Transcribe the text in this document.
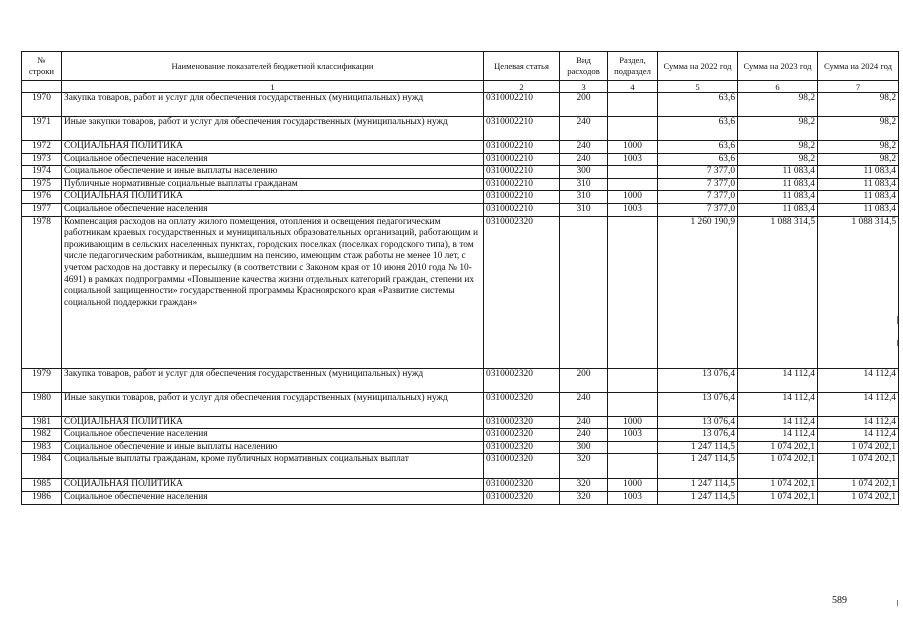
№ строки	Наименование показателей бюджетной классификации	Целевая статья	Вид расходов	Раздел, подраздел	Сумма на 2022 год	Сумма на 2023 год	Сумма на 2024 год
	1	2	3	4	5	6	7
1970	Закупка товаров, работ и услуг для обеспечения государственных (муниципальных) нужд	0310002210	200		63,6	98,2	98,2
1971	Иные закупки товаров, работ и услуг для обеспечения государственных (муниципальных) нужд	0310002210	240		63,6	98,2	98,2
1972	СОЦИАЛЬНАЯ ПОЛИТИКА	0310002210	240	1000	63,6	98,2	98,2
1973	Социальное обеспечение населения	0310002210	240	1003	63,6	98,2	98,2
1974	Социальное обеспечение и иные выплаты населению	0310002210	300		7 377,0	11 083,4	11 083,4
1975	Публичные нормативные социальные выплаты гражданам	0310002210	310		7 377,0	11 083,4	11 083,4
1976	СОЦИАЛЬНАЯ ПОЛИТИКА	0310002210	310	1000	7 377,0	11 083,4	11 083,4
1977	Социальное обеспечение населения	0310002210	310	1003	7 377,0	11 083,4	11 083,4
1978	Компенсация расходов на оплату жилого помещения, отопления и освещения педагогическим работникам краевых государственных и муниципальных образовательных организаций, работающим и проживающим в сельских населенных пунктах, городских поселках (поселках городского типа), в том числе педагогическим работникам, вышедшим на пенсию, имеющим стаж работы не менее 10 лет, с учетом расходов на доставку и пересылку (в соответствии с Законом края от 10 июня 2010 года № 10-4691) в рамках подпрограммы «Повышение качества жизни отдельных категорий граждан, степени их социальной защищенности» государственной программы Красноярского края «Развитие системы социальной поддержки граждан»	0310002320			1 260 190,9	1 088 314,5	1 088 314,5
1979	Закупка товаров, работ и услуг для обеспечения государственных (муниципальных) нужд	0310002320	200		13 076,4	14 112,4	14 112,4
1980	Иные закупки товаров, работ и услуг для обеспечения государственных (муниципальных) нужд	0310002320	240		13 076,4	14 112,4	14 112,4
1981	СОЦИАЛЬНАЯ ПОЛИТИКА	0310002320	240	1000	13 076,4	14 112,4	14 112,4
1982	Социальное обеспечение населения	0310002320	240	1003	13 076,4	14 112,4	14 112,4
1983	Социальное обеспечение и иные выплаты населению	0310002320	300		1 247 114,5	1 074 202,1	1 074 202,1
1984	Социальные выплаты гражданам, кроме публичных нормативных социальных выплат	0310002320	320		1 247 114,5	1 074 202,1	1 074 202,1
1985	СОЦИАЛЬНАЯ ПОЛИТИКА	0310002320	320	1000	1 247 114,5	1 074 202,1	1 074 202,1
1986	Социальное обеспечение населения	0310002320	320	1003	1 247 114,5	1 074 202,1	1 074 202,1
589
